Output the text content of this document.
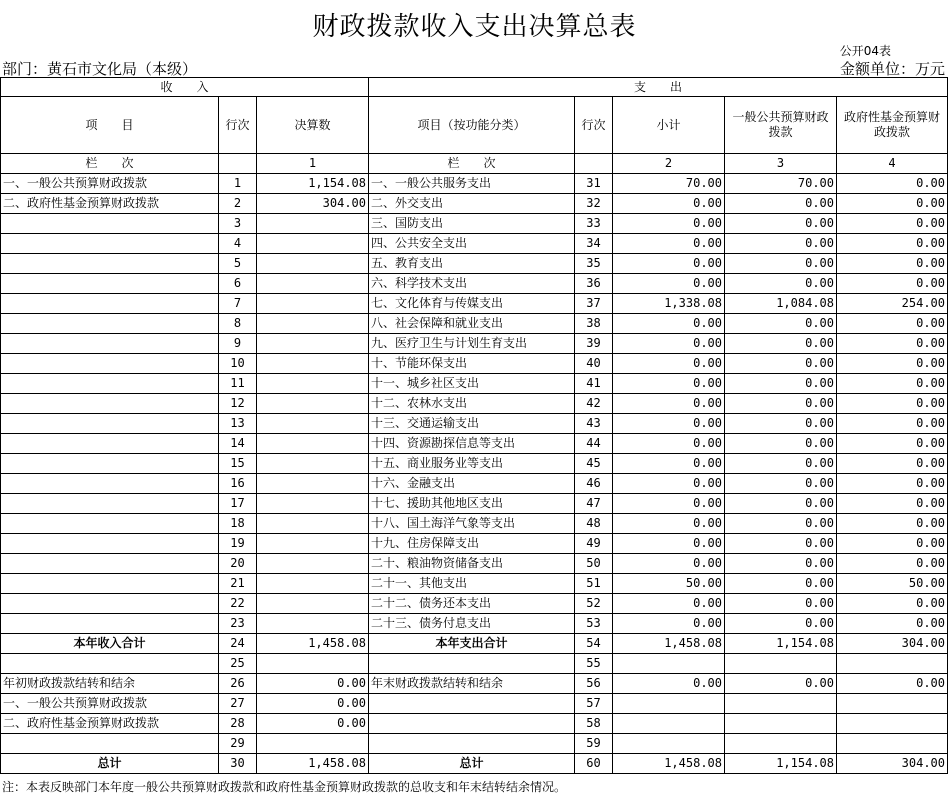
财政拨款收入支出决算总表
公开04表
部门：黄石市文化局（本级）	金额单位：万元
收　　入			支　　出				
项　　目	行次	决算数	项目（按功能分类）	行次	小计	一般公共预算财政拨款	政府性基金预算财政拨款
栏　　次		1	栏　　次		2	3	4
一、一般公共预算财政拨款	1	1,154.08	一、一般公共服务支出	31	70.00	70.00	0.00
二、政府性基金预算财政拨款	2	304.00	二、外交支出	32	0.00	0.00	0.00
	3		三、国防支出	33	0.00	0.00	0.00
	4		四、公共安全支出	34	0.00	0.00	0.00
	5		五、教育支出	35	0.00	0.00	0.00
	6		六、科学技术支出	36	0.00	0.00	0.00
	7		七、文化体育与传媒支出	37	1,338.08	1,084.08	254.00
	8		八、社会保障和就业支出	38	0.00	0.00	0.00
	9		九、医疗卫生与计划生育支出	39	0.00	0.00	0.00
	10		十、节能环保支出	40	0.00	0.00	0.00
	11		十一、城乡社区支出	41	0.00	0.00	0.00
	12		十二、农林水支出	42	0.00	0.00	0.00
	13		十三、交通运输支出	43	0.00	0.00	0.00
	14		十四、资源勘探信息等支出	44	0.00	0.00	0.00
	15		十五、商业服务业等支出	45	0.00	0.00	0.00
	16		十六、金融支出	46	0.00	0.00	0.00
	17		十七、援助其他地区支出	47	0.00	0.00	0.00
	18		十八、国土海洋气象等支出	48	0.00	0.00	0.00
	19		十九、住房保障支出	49	0.00	0.00	0.00
	20		二十、粮油物资储备支出	50	0.00	0.00	0.00
	21		二十一、其他支出	51	50.00	0.00	50.00
	22		二十二、债务还本支出	52	0.00	0.00	0.00
	23		二十三、债务付息支出	53	0.00	0.00	0.00
本年收入合计	24	1,458.08	本年支出合计	54	1,458.08	1,154.08	304.00
	25			55			
年初财政拨款结转和结余	26	0.00	年末财政拨款结转和结余	56	0.00	0.00	0.00
一、一般公共预算财政拨款	27	0.00		57			
二、政府性基金预算财政拨款	28	0.00		58			
	29			59			
总计	30	1,458.08	总计	60	1,458.08	1,154.08	304.00
注：本表反映部门本年度一般公共预算财政拨款和政府性基金预算财政拨款的总收支和年末结转结余情况。
